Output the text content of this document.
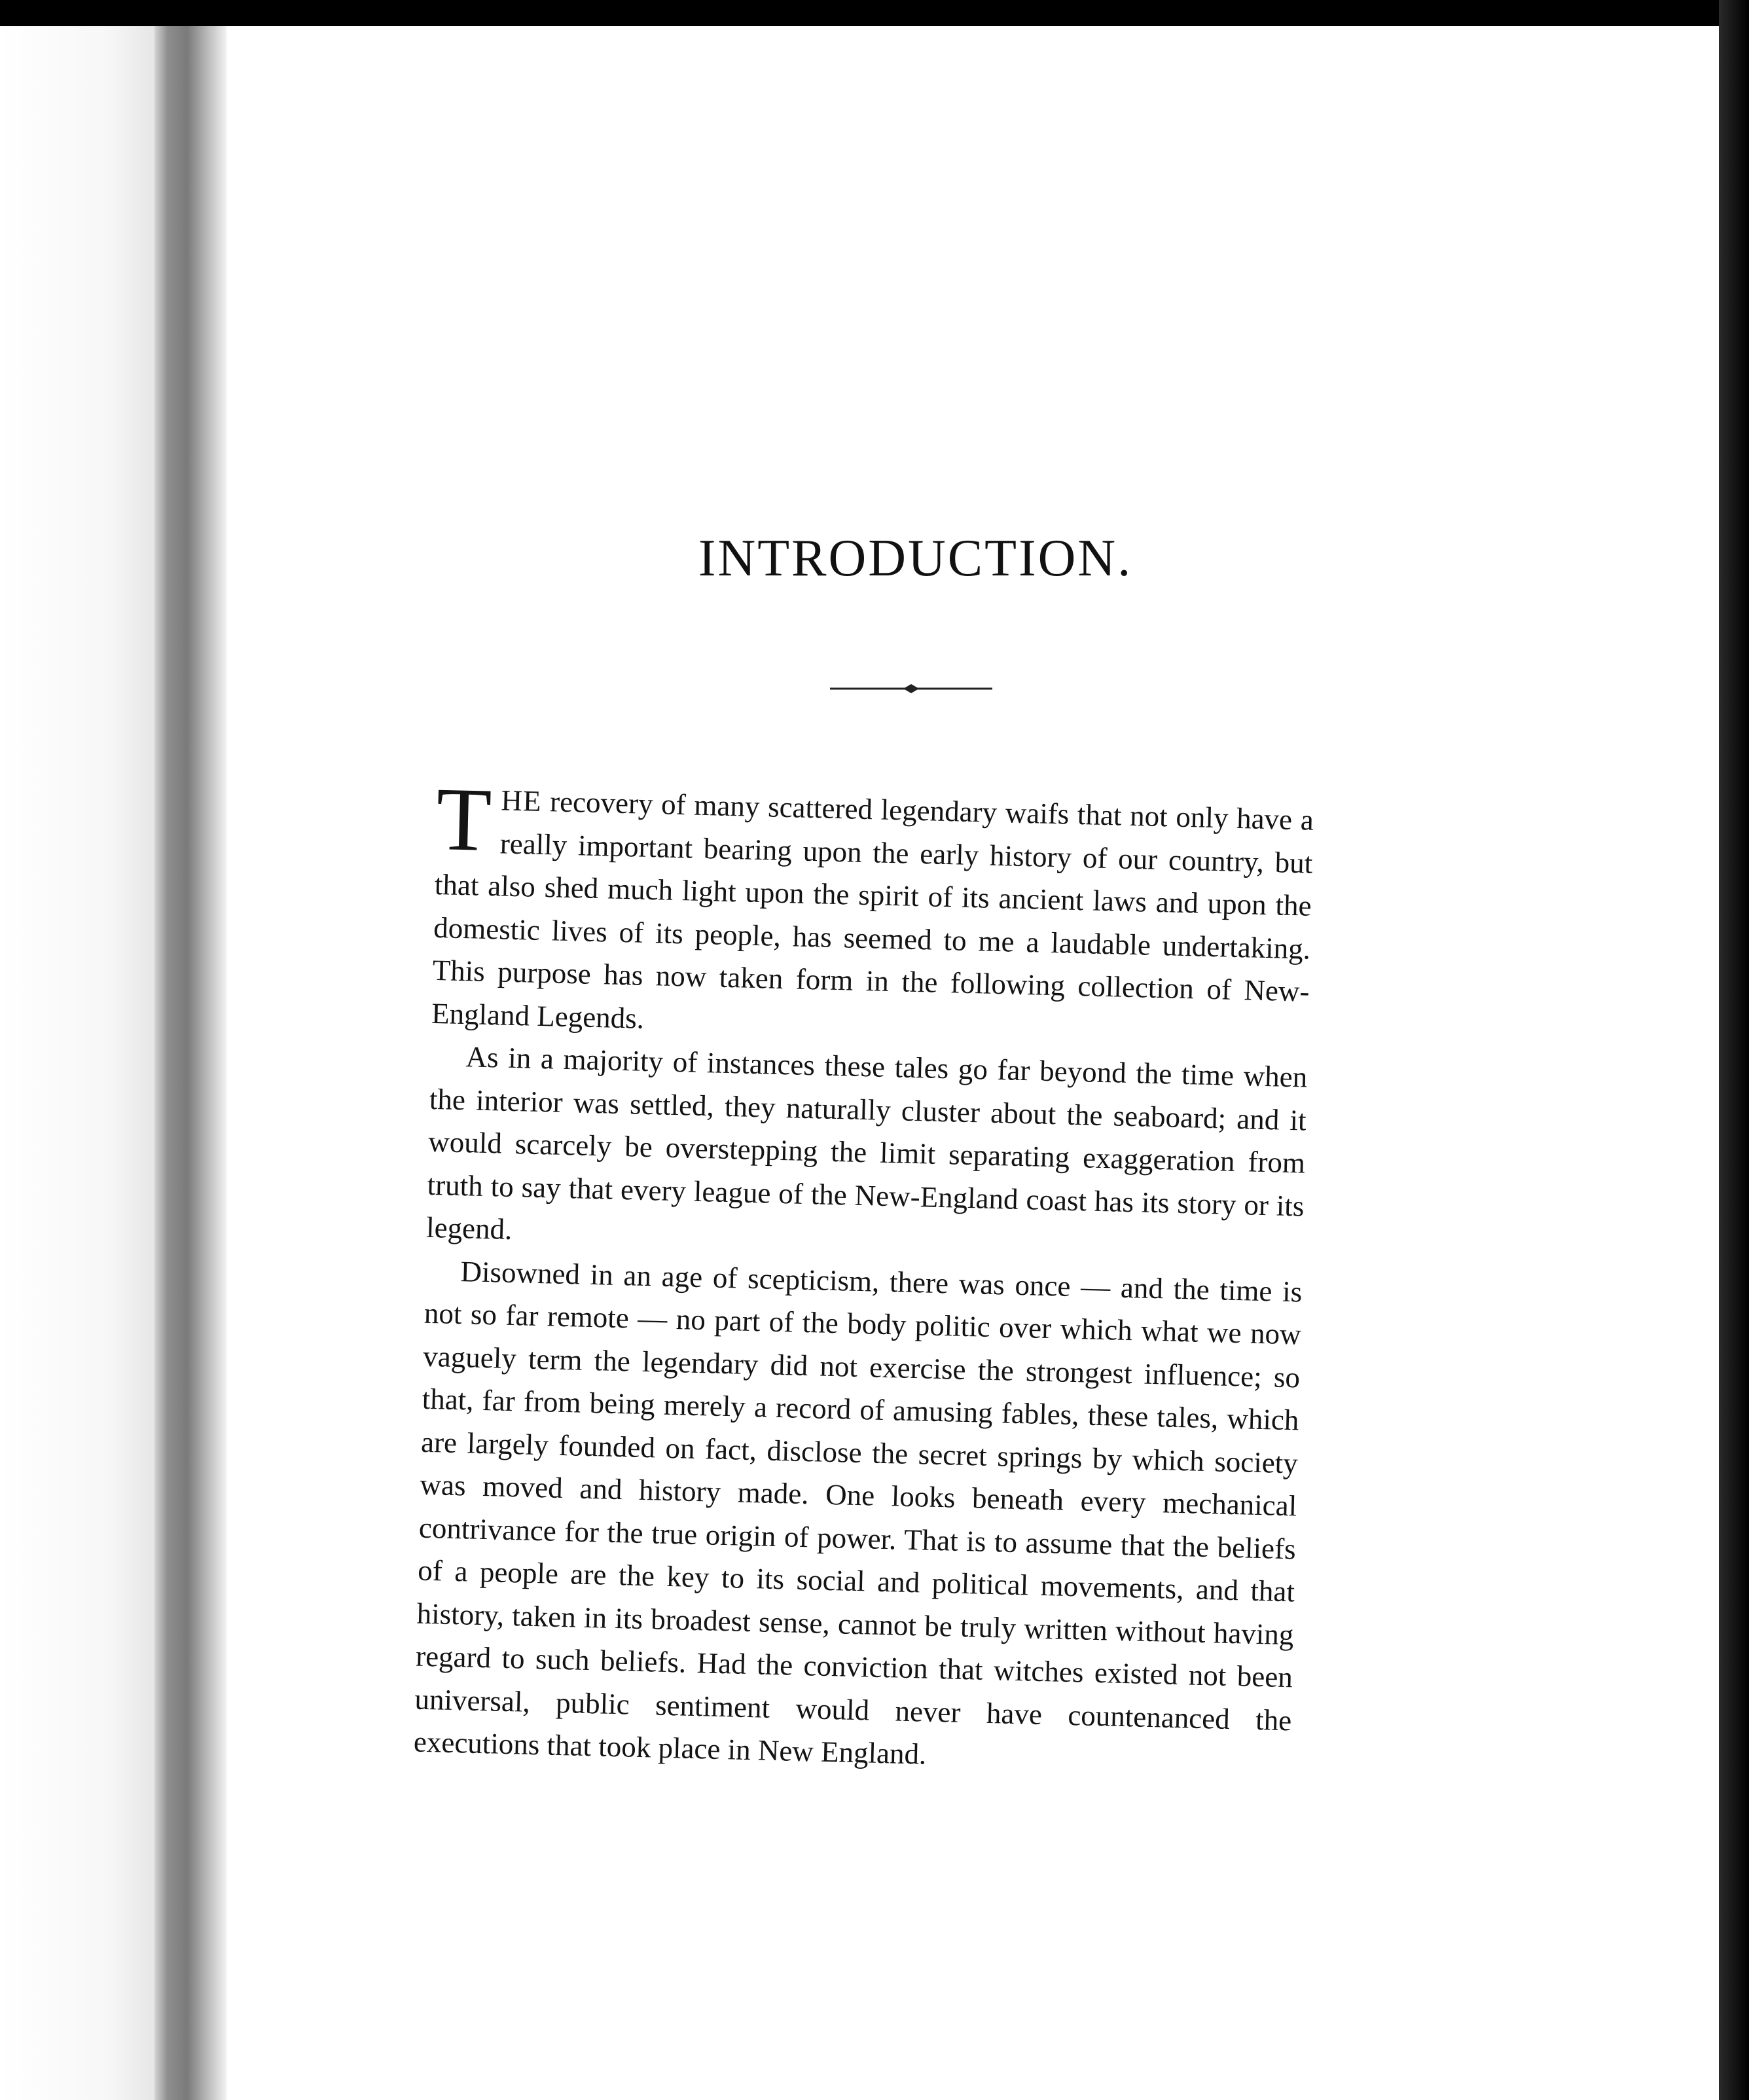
INTRODUCTION.

THE recovery of many scattered legendary waifs that not only have a really important bearing upon the early history of our country, but that also shed much light upon the spirit of its ancient laws and upon the domestic lives of its people, has seemed to me a laudable undertaking. This purpose has now taken form in the following collection of New-England Legends.

As in a majority of instances these tales go far beyond the time when the interior was settled, they naturally cluster about the seaboard; and it would scarcely be overstepping the limit separating exaggeration from truth to say that every league of the New-England coast has its story or its legend.

Disowned in an age of scepticism, there was once — and the time is not so far remote — no part of the body politic over which what we now vaguely term the legendary did not exercise the strongest influence; so that, far from being merely a record of amusing fables, these tales, which are largely founded on fact, disclose the secret springs by which society was moved and history made. One looks beneath every mechanical contrivance for the true origin of power. That is to assume that the beliefs of a people are the key to its social and political movements, and that history, taken in its broadest sense, cannot be truly written without having regard to such beliefs. Had the conviction that witches existed not been universal, public sentiment would never have countenanced the executions that took place in New England.
